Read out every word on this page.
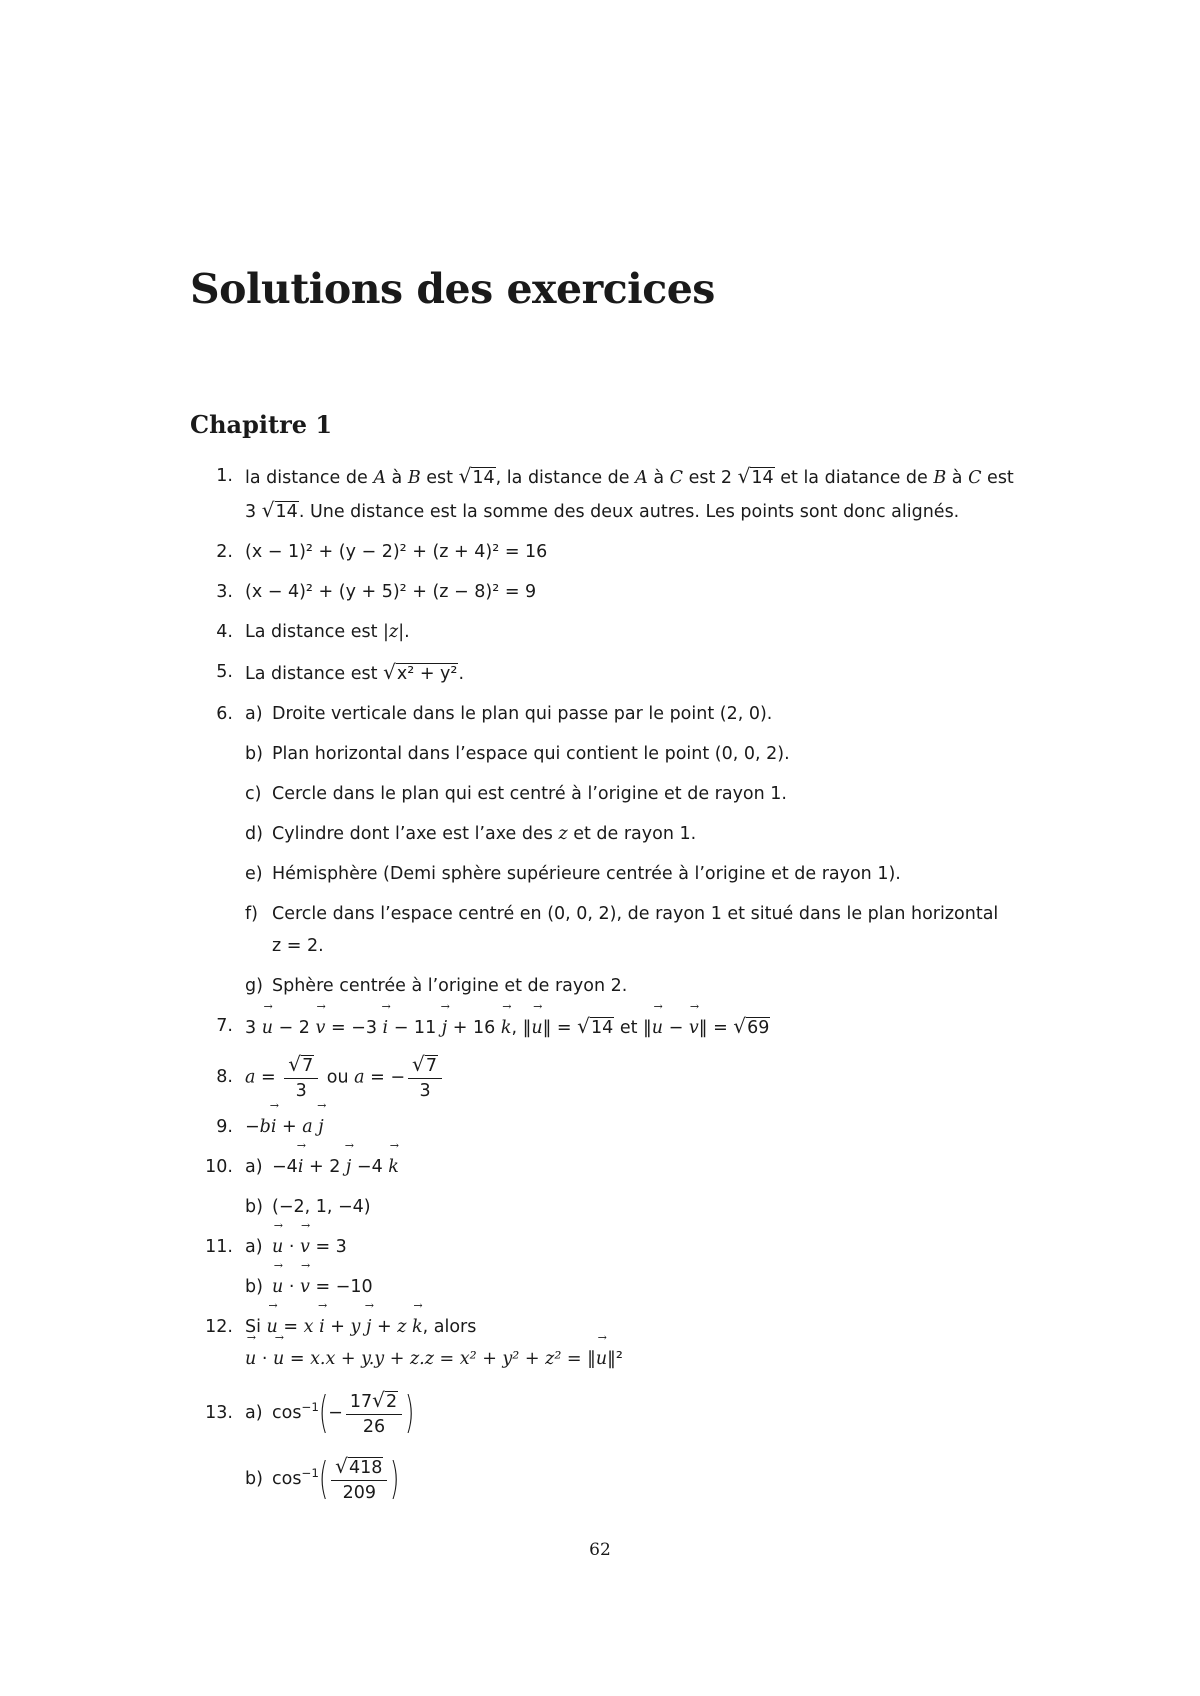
Solutions des exercices
Chapitre 1
1. la distance de A à B est √14, la distance de A à C est 2 √14 et la diatance de B à C est 3 √14. Une distance est la somme des deux autres. Les points sont donc alignés.
2. (x − 1)² + (y − 2)² + (z + 4)² = 16
3. (x − 4)² + (y + 5)² + (z − 8)² = 9
4. La distance est |z|.
5. La distance est √x² + y².
6. a) Droite verticale dans le plan qui passe par le point (2, 0).
b) Plan horizontal dans l’espace qui contient le point (0, 0, 2).
c) Cercle dans le plan qui est centré à l’origine et de rayon 1.
d) Cylindre dont l’axe est l’axe des z et de rayon 1.
e) Hémisphère (Demi sphère supérieure centrée à l’origine et de rayon 1).
f) Cercle dans l’espace centré en (0, 0, 2), de rayon 1 et situé dans le plan horizontal
z = 2.
g) Sphère centrée à l’origine et de rayon 2.
7. 3 u → − 2 v → = −3 i → − 11 j → + 16 k →, ‖u →‖ = √14 et ‖u → − v →‖ = √69
8. $a = \frac{√7}{3}$ ou a = − $\frac{√7}{3}$
9. −bi → + a j →
10. a) −4i → + 2 j → −4 k →
b) (−2, 1, −4)
11. a) u → · v → = 3
b) u → · v → = −10
12. Si u → = x i → + y j → + z k →, alors
u → · u → = x.x + y.y + z.z = x² + y² + z² = ‖u →‖²
13. a) $\cos^{-1}(- \frac{17√2}{26}$ )
b) $\cos^{-1}( \frac{√418}{209}$ )
62
